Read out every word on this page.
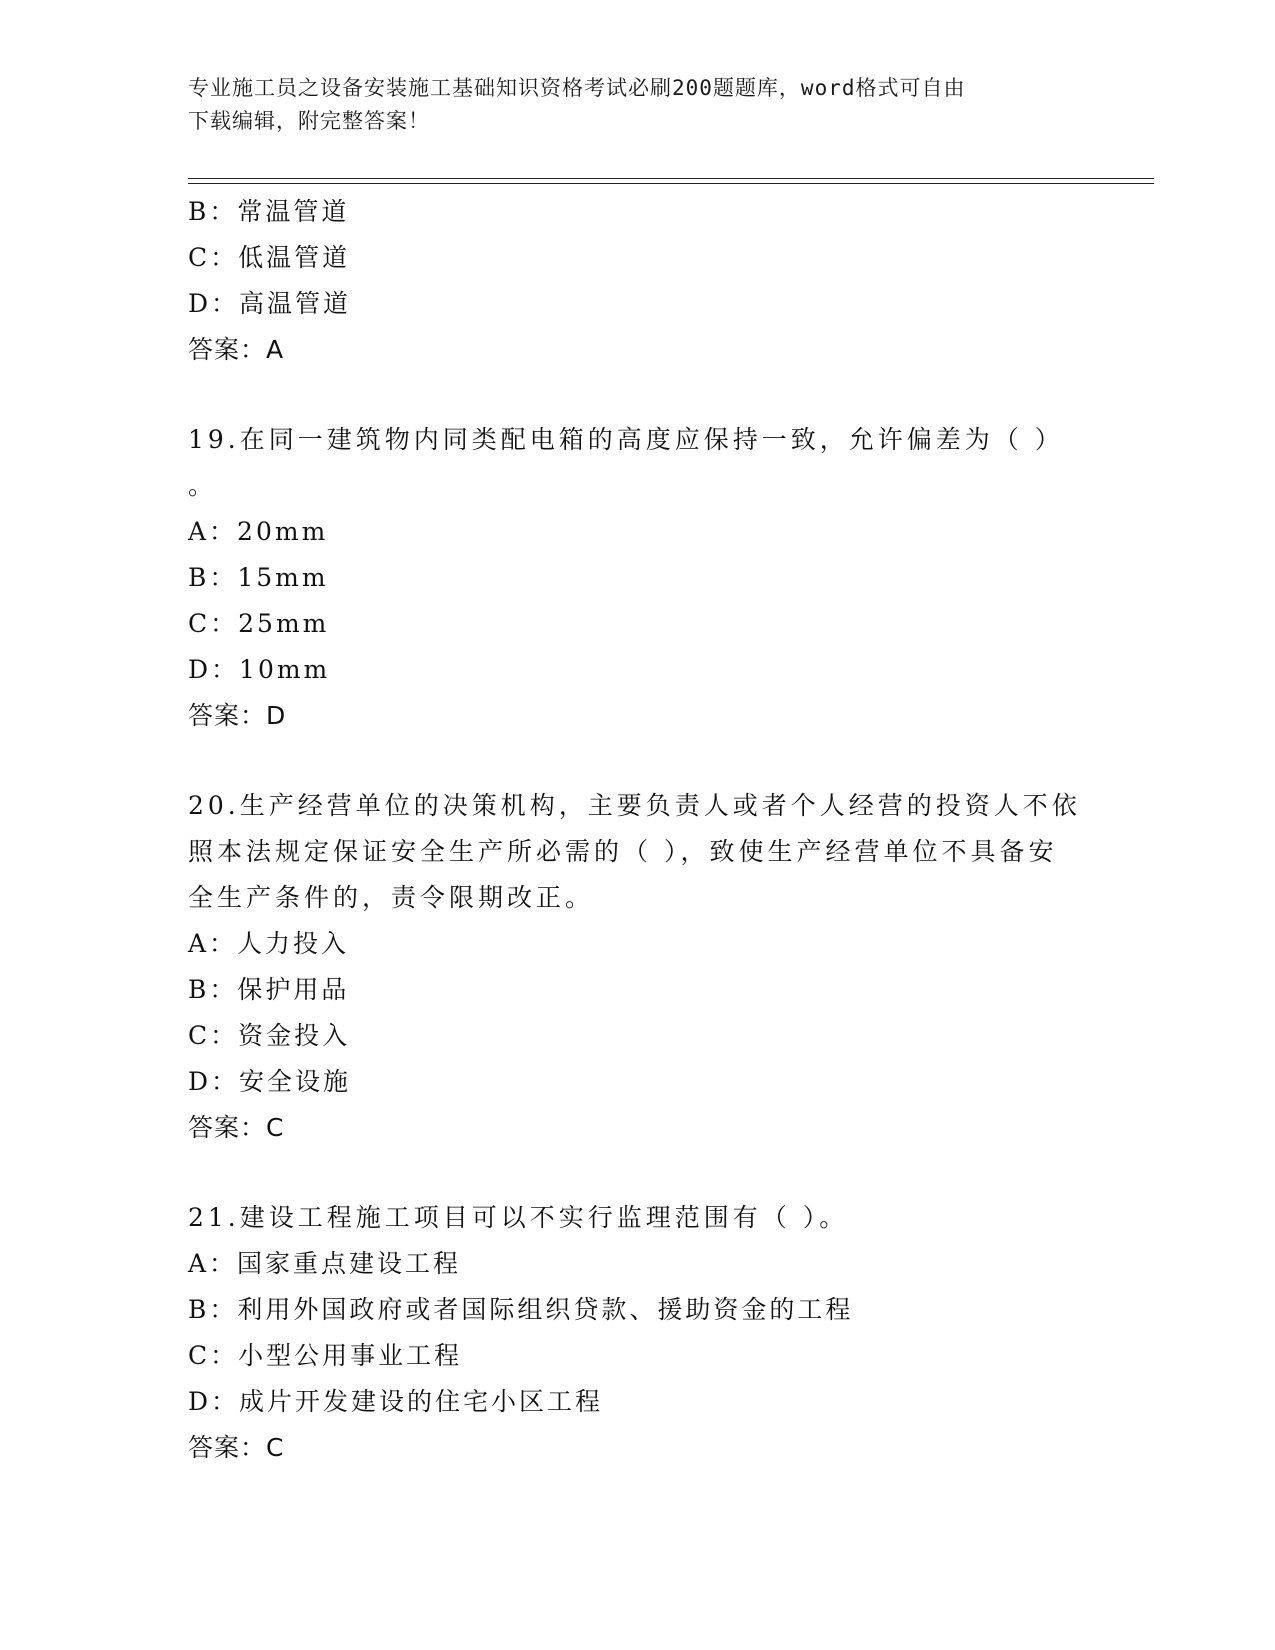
专业施工员之设备安装施工基础知识资格考试必刷200题题库，word格式可自由
下载编辑，附完整答案！
B：常温管道
C：低温管道
D：高温管道
答案：A
19.在同一建筑物内同类配电箱的高度应保持一致，允许偏差为（ ）
。
A：20mm
B：15mm
C：25mm
D：10mm
答案：D
20.生产经营单位的决策机构，主要负责人或者个人经营的投资人不依
照本法规定保证安全生产所必需的（ ），致使生产经营单位不具备安
全生产条件的，责令限期改正。
A：人力投入
B：保护用品
C：资金投入
D：安全设施
答案：C
21.建设工程施工项目可以不实行监理范围有（ ）。
A：国家重点建设工程
B：利用外国政府或者国际组织贷款、援助资金的工程
C：小型公用事业工程
D：成片开发建设的住宅小区工程
答案：C
